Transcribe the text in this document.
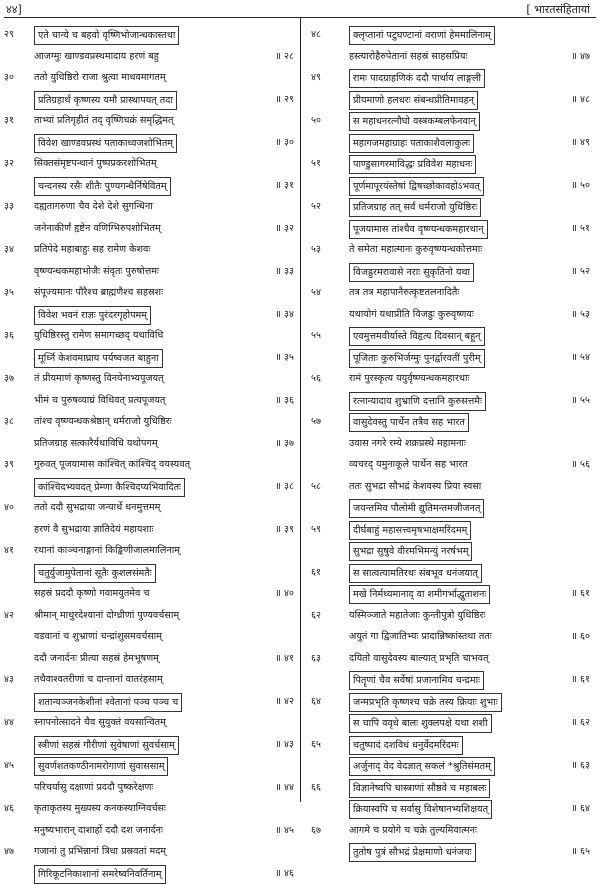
४४]	[ भारतसंहितायां
२९	एते चान्ये च बहवो वृष्णिभोजान्धकास्तथा
आजग्मुः खाण्डवप्रस्थमादाय हरणं बहु	॥ २८
३०	ततो युधिष्ठिरो राजा श्रुत्वा माधवमागतम्
प्रतिग्रहार्थं कृष्णस्य यमौ प्रास्थापयत् तदा	॥ २९
३१	ताभ्यां प्रतिगृहीतं तद् वृष्णिचक्रं समृद्धिमत्
विवेश खाण्डवप्रस्थं पताकाध्वजशोभितम्	॥ ३०
३२	सिक्तसंमृष्टपन्थानं पुष्पप्रकरशोभितम्
चन्दनस्य रसैः शीतैः पुण्यगन्धैर्निषेवितम्	॥ ३१
३३	दह्यतागरुणा चैव देशे देशे सुगन्धिना
जनेनाकीर्णं हृष्टेन वणिग्भिरुपशोभितम्	॥ ३२
३४	प्रतिपेदे महाबाहुः सह रामेण केशवः
वृष्ण्यन्धकमहाभोजैः संवृतः पुरुषोत्तमः	॥ ३३
३५	संपूज्यमानः पौरैश्च ब्राह्मणैश्च सहस्रशः
विवेश भवनं राज्ञः पुरंदरगृहोपमम्	॥ ३४
३६	युधिष्ठिरस्तु रामेण समागच्छद् यथाविधि
मूर्ध्नि केशवमाघ्राय पर्यष्वजत बाहुना	॥ ३५
३७	तं प्रीयमाणं कृष्णस्तु विनयेनाभ्यपूजयत्
भीमं च पुरुषव्याघ्रं विधिवत् प्रत्यपूजयत्	॥ ३६
३८	तांश्च वृष्ण्यन्धकश्रेष्ठान् धर्मराजो युधिष्ठिरः
प्रतिजग्राह सत्कारैर्यथाविधि यथोपगम्	॥ ३७
३९	गुरुवत् पूजयामास कांश्चित् कांश्चिद् वयस्यवत्
कांश्चिदभ्यवदत् प्रेम्णा कैश्चिदप्यभिवादितः	॥ ३८
४०	ततो ददौ सुभद्राया जन्यार्थे धनमुत्तमम्
हरणं वै सुभद्राया ज्ञातिदेयं महायशाः	॥ ३९
४१	रथानां काञ्चनाङ्गानां किङ्किणीजालमालिनाम्
चतुर्युजामुपेतानां सूतैः कुशलसंमतैः
सहस्रं प्रददौ कृष्णो गवामयुतमेव च	॥ ४०
४२	श्रीमान् माथुरदेश्यानां दोग्ध्रीणां पुण्यवर्चसाम्
वडवानां च शुभ्राणां चन्द्रांशुसमवर्चसाम्
ददौ जनार्दनः प्रीत्या सहस्रं हेमभूषणम्	॥ ४१
४३	तथैवाश्वतरीणां च दान्तानां वातरंहसाम्
शतान्यञ्जनकेशीनां श्वेतानां पञ्च पञ्च च	॥ ४२
४४	स्नापनोत्सादने चैव सुयुक्तं वयसान्वितम्
स्त्रीणां सहस्रं गौरीणां सुवेषाणां सुवर्चसाम्	॥ ४३
४५	सुवर्णशतकण्ठीनामरोगाणां सुवाससाम्
परिचर्यासु दक्षाणां प्रददौ पुष्करेक्षणः	॥ ४४
४६	कृताकृतस्य मुख्यस्य कनकस्याग्निवर्चसः
मनुष्यभारान् दाशार्हो ददौ दश जनार्दनः	॥ ४५
४७	गजानां तु प्रभिन्नानां त्रिधा प्रस्रवतां मदम्
गिरिकूटनिकाशानां समरेष्वनिवर्तिनाम्	॥ ४६
४८	क्लृप्तानां पटुघण्टानां वराणां हेममालिनाम्
हस्त्यारोहैरुपेतानां सहस्रं साहसप्रियः	॥ ४७
४९	रामः पादग्राहणिकं ददौ पार्थाय लाङ्गली
प्रीयमाणो हलधरः संबन्धप्रीतिमावहन्	॥ ४८
५०	स महाधनरत्नौघो वस्त्रकम्बलफेनवान्
महागजमहाग्राहः पताकाशैवलाकुलः	॥ ४९
५१	पाण्डुसागरमाविद्धः प्रविवेश महाधनः
पूर्णमापूरयंस्तेषां द्विषच्छोकावहोऽभवत्	॥ ५०
५२	प्रतिजग्राह तत् सर्वं धर्मराजो युधिष्ठिरः
पूजयामास तांश्चैव वृष्ण्यन्धकमहारथान्	॥ ५१
५३	ते समेता महात्मानः कुरुवृष्ण्यन्धकोत्तमाः
विजह्रुरमरावासे नराः सुकृतिनो यथा	॥ ५२
५४	तत्र तत्र महापानैरुत्कृष्टतलनादितैः
यथायोगं यथाप्रीति विजह्रुः कुरुवृष्णयः	॥ ५३
५५	एवमुत्तमवीर्यास्ते विहृत्य दिवसान् बहून्
पूजिताः कुरुभिर्जग्मुः पुनर्द्वारवतीं पुरीम्	॥ ५४
५६	रामं पुरस्कृत्य ययुर्वृष्ण्यन्धकमहारथाः
रत्नान्यादाय शुभ्राणि दत्तानि कुरुसत्तमैः	॥ ५५
५७	वासुदेवस्तु पार्थेन तत्रैव सह भारत
उवास नगरे रम्ये शक्रप्रस्थे महामनाः
व्यचरद् यमुनाकूले पार्थेन सह भारत	॥ ५६
५८	ततः सुभद्रा सौभद्रं केशवस्य प्रिया स्वसा
जयन्तमिव पौलोमी द्युतिमन्तमजीजनत्
५९	दीर्घबाहुं महासत्त्वमृषभाक्षमरिंदमम्
सुभद्रा सुषुवे वीरमभिमन्युं नरर्षभम्
६१	स सात्वत्यामतिरथः संबभूव धनंजयात्
मखे निर्मथ्यमानाद् वा शमीगर्भाद्धुताशनः	॥ ६१
६२	यस्मिञ्जाते महातेजाः कुन्तीपुत्रो युधिष्ठिरः
अयुतं गा द्विजातिभ्यः प्रादान्निष्कांस्तथा ततः	॥ ६०
६३	दयितो वासुदेवस्य बाल्यात् प्रभृति चाभवत्
पितॄणां चैव सर्वेषां प्रजानामिव चन्द्रमाः	॥ ६१
६४	जन्मप्रभृति कृष्णश्च चक्रे तस्य क्रियाः शुभाः
स चापि ववृधे बालः शुक्लपक्षे यथा शशी	॥ ६२
६५	चतुष्पादं दशविधं धनुर्वेदमरिंदमः
अर्जुनाद् वेद वेदज्ञात् सकलं *श्रुतिसंमतम्	॥ ६३
६६	विज्ञानेष्वपि चास्त्राणां सौष्ठवे च महाबलः
क्रियास्वपि च सर्वासु विशेषानभ्यशिक्षयत्	॥ ६४
६७	आगमे च प्रयोगे च चक्रे तुल्यमिवात्मनः
तुतोष पुत्रं सौभद्रं प्रेक्षमाणो धनंजयः	॥ ६५
